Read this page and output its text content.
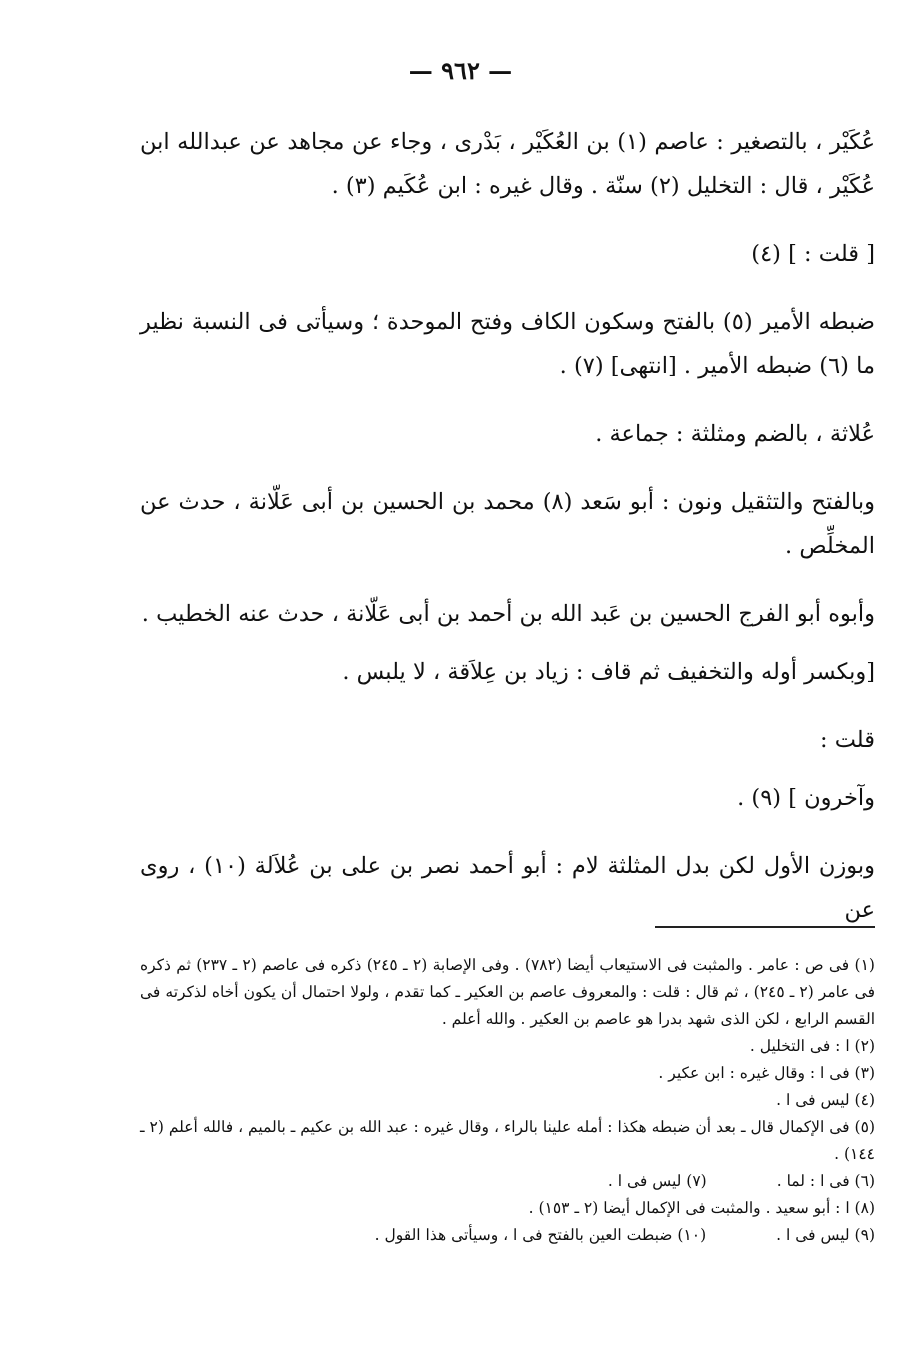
— ٩٦٢ —

عُكَيْر ، بالتصغير : عاصم (١) بن العُكَيْر ، بَدْرى ، وجاء عن مجاهد عن عبدالله ابن عُكَيْر ، قال : التخليل (٢) سنّة . وقال غيره : ابن عُكَيم (٣) .

[ قلت : ] (٤)

ضبطه الأمير (٥) بالفتح وسكون الكاف وفتح الموحدة ؛ وسيأتى فى النسبة نظير ما (٦) ضبطه الأمير . [انتهى] (٧) .

عُلاثة ، بالضم ومثلثة : جماعة .

وبالفتح والتثقيل ونون : أبو سَعد (٨) محمد بن الحسين بن أبى عَلّانة ، حدث عن المخلِّص .

وأبوه أبو الفرج الحسين بن عَبد الله بن أحمد بن أبى عَلّانة ، حدث عنه الخطيب .

[وبكسر أوله والتخفيف ثم قاف : زياد بن عِلاَقة ، لا يلبس .

قلت :

وآخرون ] (٩) .

وبوزن الأول لكن بدل المثلثة لام : أبو أحمد نصر بن على بن عُلاَلة (١٠) ، روى عن

(١) فى ص : عامر . والمثبت فى الاستيعاب أيضا (٧٨٢) . وفى الإصابة (٢ ـ ٢٤٥) ذكره فى عاصم (٢ ـ ٢٣٧) ثم ذكره فى عامر (٢ ـ ٢٤٥) ، ثم قال : قلت : والمعروف عاصم بن العكير ـ كما تقدم ، ولولا احتمال أن يكون أخاه لذكرته فى القسم الرابع ، لكن الذى شهد بدرا هو عاصم بن العكير . والله أعلم .

(٢) ا : فى التخليل .

(٣) فى ا : وقال غيره : ابن عكير .

(٤) ليس فى ا .

(٥) فى الإكمال قال ـ بعد أن ضبطه هكذا : أمله علينا بالراء ، وقال غيره : عبد الله بن عكيم ـ بالميم ، فالله أعلم (٢ ـ ١٤٤) .

(٦) فى ا : لما .
(٧) ليس فى ا .

(٨) ا : أبو سعيد . والمثبت فى الإكمال أيضا (٢ ـ ١٥٣) .

(٩) ليس فى ا .
(١٠) ضبطت العين بالفتح فى ا ، وسيأتى هذا القول .
